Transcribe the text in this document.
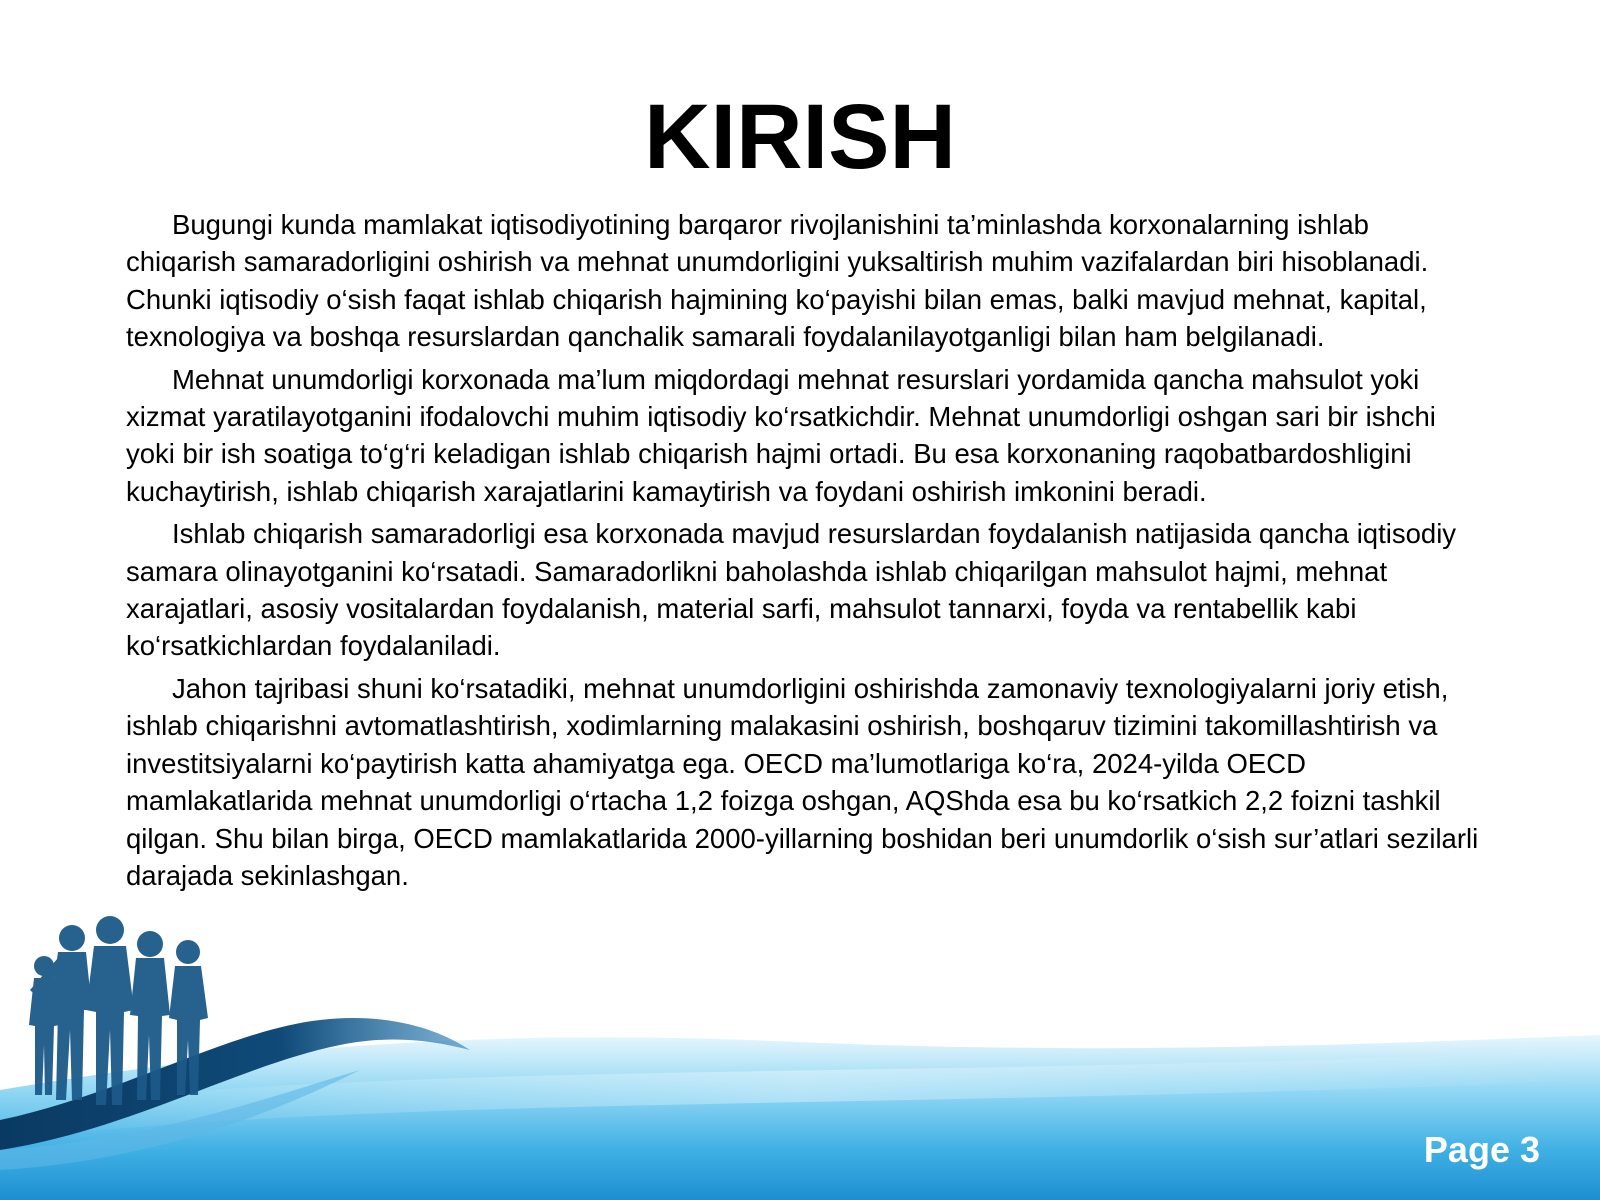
KIRISH

Bugungi kunda mamlakat iqtisodiyotining barqaror rivojlanishini ta’minlashda korxonalarning ishlab chiqarish samaradorligini oshirish va mehnat unumdorligini yuksaltirish muhim vazifalardan biri hisoblanadi. Chunki iqtisodiy o‘sish faqat ishlab chiqarish hajmining ko‘payishi bilan emas, balki mavjud mehnat, kapital, texnologiya va boshqa resurslardan qanchalik samarali foydalanilayotganligi bilan ham belgilanadi.

Mehnat unumdorligi korxonada ma’lum miqdordagi mehnat resurslari yordamida qancha mahsulot yoki xizmat yaratilayotganini ifodalovchi muhim iqtisodiy ko‘rsatkichdir. Mehnat unumdorligi oshgan sari bir ishchi yoki bir ish soatiga to‘g‘ri keladigan ishlab chiqarish hajmi ortadi. Bu esa korxonaning raqobatbardoshligini kuchaytirish, ishlab chiqarish xarajatlarini kamaytirish va foydani oshirish imkonini beradi.

Ishlab chiqarish samaradorligi esa korxonada mavjud resurslardan foydalanish natijasida qancha iqtisodiy samara olinayotganini ko‘rsatadi. Samaradorlikni baholashda ishlab chiqarilgan mahsulot hajmi, mehnat xarajatlari, asosiy vositalardan foydalanish, material sarfi, mahsulot tannarxi, foyda va rentabellik kabi ko‘rsatkichlardan foydalaniladi.

Jahon tajribasi shuni ko‘rsatadiki, mehnat unumdorligini oshirishda zamonaviy texnologiyalarni joriy etish, ishlab chiqarishni avtomatlashtirish, xodimlarning malakasini oshirish, boshqaruv tizimini takomillashtirish va investitsiyalarni ko‘paytirish katta ahamiyatga ega. OECD ma’lumotlariga ko‘ra, 2024-yilda OECD mamlakatlarida mehnat unumdorligi o‘rtacha 1,2 foizga oshgan, AQShda esa bu ko‘rsatkich 2,2 foizni tashkil qilgan. Shu bilan birga, OECD mamlakatlarida 2000-yillarning boshidan beri unumdorlik o‘sish sur’atlari sezilarli darajada sekinlashgan.

Page 3
